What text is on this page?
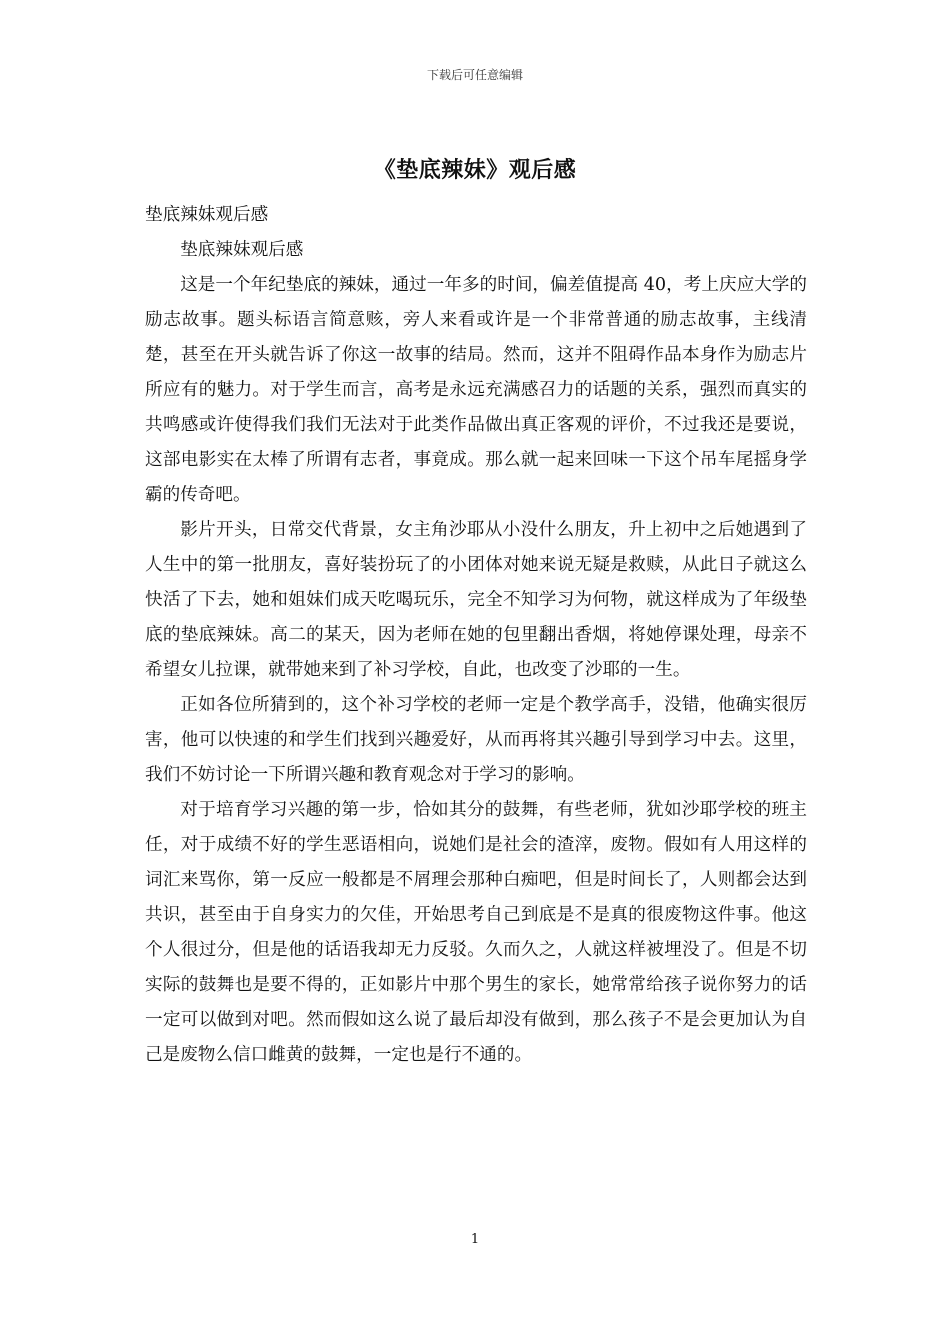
下载后可任意编辑
《垫底辣妹》观后感

垫底辣妹观后感

垫底辣妹观后感

这是一个年纪垫底的辣妹，通过一年多的时间，偏差值提高 40，考上庆应大学的励志故事。题头标语言简意赅，旁人来看或许是一个非常普通的励志故事，主线清楚，甚至在开头就告诉了你这一故事的结局。然而，这并不阻碍作品本身作为励志片所应有的魅力。对于学生而言，高考是永远充满感召力的话题的关系，强烈而真实的共鸣感或许使得我们我们无法对于此类作品做出真正客观的评价，不过我还是要说，这部电影实在太棒了所谓有志者，事竟成。那么就一起来回味一下这个吊车尾摇身学霸的传奇吧。

影片开头，日常交代背景，女主角沙耶从小没什么朋友，升上初中之后她遇到了人生中的第一批朋友，喜好装扮玩了的小团体对她来说无疑是救赎，从此日子就这么快活了下去，她和姐妹们成天吃喝玩乐，完全不知学习为何物，就这样成为了年级垫底的垫底辣妹。高二的某天，因为老师在她的包里翻出香烟，将她停课处理，母亲不希望女儿拉课，就带她来到了补习学校，自此，也改变了沙耶的一生。

正如各位所猜到的，这个补习学校的老师一定是个教学高手，没错，他确实很厉害，他可以快速的和学生们找到兴趣爱好，从而再将其兴趣引导到学习中去。这里，我们不妨讨论一下所谓兴趣和教育观念对于学习的影响。

对于培育学习兴趣的第一步，恰如其分的鼓舞，有些老师，犹如沙耶学校的班主任，对于成绩不好的学生恶语相向，说她们是社会的渣滓，废物。假如有人用这样的词汇来骂你，第一反应一般都是不屑理会那种白痴吧，但是时间长了，人则都会达到共识，甚至由于自身实力的欠佳，开始思考自己到底是不是真的很废物这件事。他这个人很过分，但是他的话语我却无力反驳。久而久之，人就这样被埋没了。但是不切实际的鼓舞也是要不得的，正如影片中那个男生的家长，她常常给孩子说你努力的话一定可以做到对吧。然而假如这么说了最后却没有做到，那么孩子不是会更加认为自己是废物么信口雌黄的鼓舞，一定也是行不通的。

1
